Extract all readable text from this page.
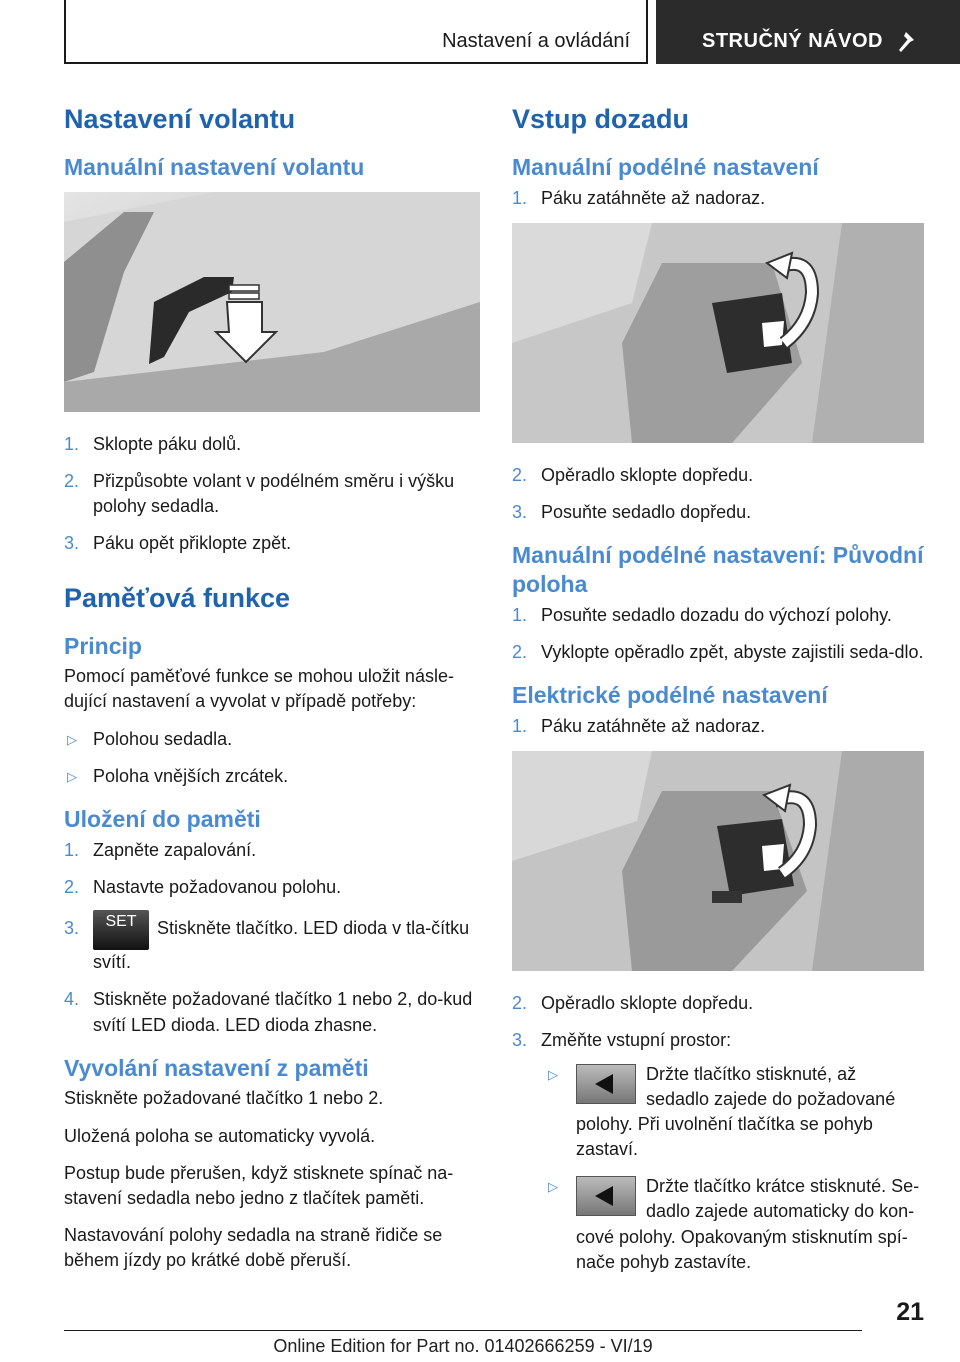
Nastavení a ovládání	STRUČNÝ NÁVOD
Nastavení volantu
Manuální nastavení volantu
1. Sklopte páku dolů.
2. Přizpůsobte volant v podélném směru i výšku polohy sedadla.
3. Páku opět přiklopte zpět.
Paměťová funkce
Princip

Pomocí paměťové funkce se mohou uložit násle‐dující nastavení a vyvolat v případě potřeby:

▷ Polohou sedadla.
▷ Poloha vnějších zrcátek.
Uložení do paměti
1. Zapněte zapalování.
2. Nastavte požadovanou polohu.
3. SET Stiskněte tlačítko. LED dioda v tla‐čítku svítí.
4. Stiskněte požadované tlačítko 1 nebo 2, do‐kud svítí LED dioda. LED dioda zhasne.
Vyvolání nastavení z paměti

Stiskněte požadované tlačítko 1 nebo 2.

Uložená poloha se automaticky vyvolá.

Postup bude přerušen, když stisknete spínač na‐stavení sedadla nebo jedno z tlačítek paměti.

Nastavování polohy sedadla na straně řidiče se během jízdy po krátké době přeruší.

Vstup dozadu
Manuální podélné nastavení
1. Páku zatáhněte až nadoraz.
2. Opěradlo sklopte dopředu.
3. Posuňte sedadlo dopředu.
Manuální podélné nastavení: Původní poloha
1. Posuňte sedadlo dozadu do výchozí polohy.
2. Vyklopte opěradlo zpět, abyste zajistili seda‐dlo.
Elektrické podélné nastavení
1. Páku zatáhněte až nadoraz.
2. Opěradlo sklopte dopředu.
3. Změňte vstupní prostor:
▷	Držte tlačítko stisknuté, až sedadlo zajede do požadované polohy. Při uvolnění tlačítka se pohyb zastaví.
▷	Držte tlačítko krátce stisknuté. Se‐dadlo zajede automaticky do kon‐cové polohy. Opakovaným stisknutím spí‐nače pohyb zastavíte.
21
Online Edition for Part no. 01402666259 - VI/19
